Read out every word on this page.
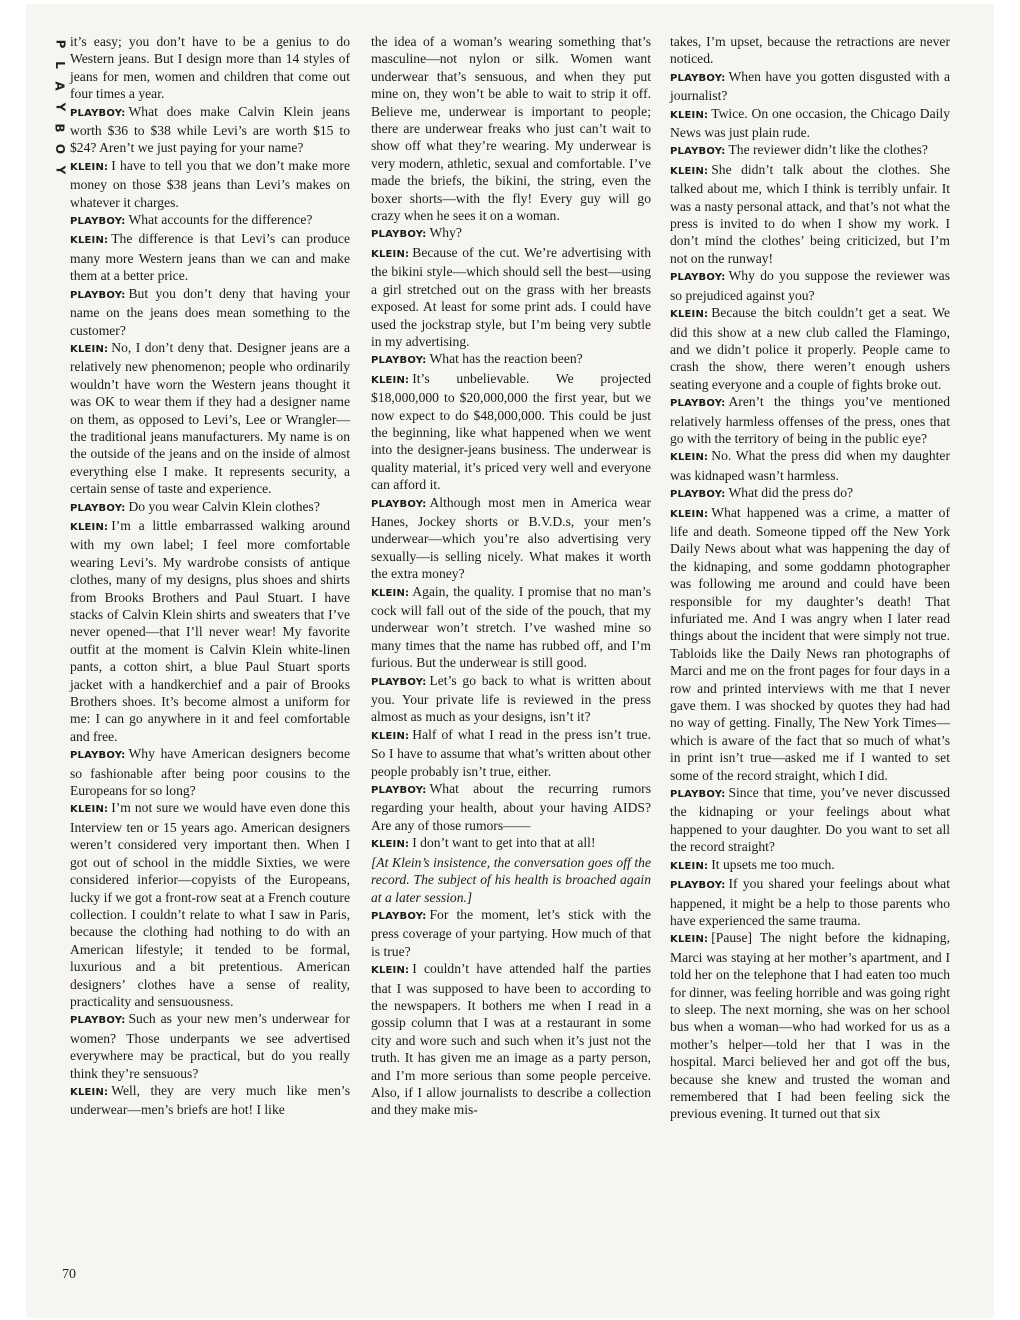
P
L
A
Y
B
O
Y
70

it’s easy; you don’t have to be a genius to do Western jeans. But I design more than 14 styles of jeans for men, women and children that come out four times a year.

PLAYBOY: What does make Calvin Klein jeans worth $36 to $38 while Levi’s are worth $15 to $24? Aren’t we just paying for your name?

KLEIN: I have to tell you that we don’t make more money on those $38 jeans than Levi’s makes on whatever it charges.

PLAYBOY: What accounts for the difference?

KLEIN: The difference is that Levi’s can produce many more Western jeans than we can and make them at a better price.

PLAYBOY: But you don’t deny that having your name on the jeans does mean something to the customer?

KLEIN: No, I don’t deny that. Designer jeans are a relatively new phenomenon; people who ordinarily wouldn’t have worn the Western jeans thought it was OK to wear them if they had a designer name on them, as opposed to Levi’s, Lee or Wrangler—the traditional jeans manufacturers. My name is on the outside of the jeans and on the inside of almost everything else I make. It represents security, a certain sense of taste and experience.

PLAYBOY: Do you wear Calvin Klein clothes?

KLEIN: I’m a little embarrassed walking around with my own label; I feel more comfortable wearing Levi’s. My wardrobe consists of antique clothes, many of my designs, plus shoes and shirts from Brooks Brothers and Paul Stuart. I have stacks of Calvin Klein shirts and sweaters that I’ve never opened—that I’ll never wear! My favorite outfit at the moment is Calvin Klein white-linen pants, a cotton shirt, a blue Paul Stuart sports jacket with a handkerchief and a pair of Brooks Brothers shoes. It’s become almost a uniform for me: I can go anywhere in it and feel comfortable and free.

PLAYBOY: Why have American designers become so fashionable after being poor cousins to the Europeans for so long?

KLEIN: I’m not sure we would have even done this Interview ten or 15 years ago. American designers weren’t considered very important then. When I got out of school in the middle Sixties, we were considered inferior—copyists of the Europeans, lucky if we got a front-row seat at a French couture collection. I couldn’t relate to what I saw in Paris, because the clothing had nothing to do with an American lifestyle; it tended to be formal, luxurious and a bit pretentious. American designers’ clothes have a sense of reality, practicality and sensuousness.

PLAYBOY: Such as your new men’s underwear for women? Those underpants we see advertised everywhere may be practical, but do you really think they’re sensuous?

KLEIN: Well, they are very much like men’s underwear—men’s briefs are hot! I like

the idea of a woman’s wearing something that’s masculine—not nylon or silk. Women want underwear that’s sensuous, and when they put mine on, they won’t be able to wait to strip it off. Believe me, underwear is important to people; there are underwear freaks who just can’t wait to show off what they’re wearing. My underwear is very modern, athletic, sexual and comfortable. I’ve made the briefs, the bikini, the string, even the boxer shorts—with the fly! Every guy will go crazy when he sees it on a woman.

PLAYBOY: Why?

KLEIN: Because of the cut. We’re advertising with the bikini style—which should sell the best—using a girl stretched out on the grass with her breasts exposed. At least for some print ads. I could have used the jockstrap style, but I’m being very subtle in my advertising.

PLAYBOY: What has the reaction been?

KLEIN: It’s unbelievable. We projected $18,000,000 to $20,000,000 the first year, but we now expect to do $48,000,000. This could be just the beginning, like what happened when we went into the designer-jeans business. The underwear is quality material, it’s priced very well and everyone can afford it.

PLAYBOY: Although most men in America wear Hanes, Jockey shorts or B.V.D.s, your men’s underwear—which you’re also advertising very sexually—is selling nicely. What makes it worth the extra money?

KLEIN: Again, the quality. I promise that no man’s cock will fall out of the side of the pouch, that my underwear won’t stretch. I’ve washed mine so many times that the name has rubbed off, and I’m furious. But the underwear is still good.

PLAYBOY: Let’s go back to what is written about you. Your private life is reviewed in the press almost as much as your designs, isn’t it?

KLEIN: Half of what I read in the press isn’t true. So I have to assume that what’s written about other people probably isn’t true, either.

PLAYBOY: What about the recurring rumors regarding your health, about your having AIDS? Are any of those rumors——

KLEIN: I don’t want to get into that at all!

[At Klein’s insistence, the conversation goes off the record. The subject of his health is broached again at a later session.]

PLAYBOY: For the moment, let’s stick with the press coverage of your partying. How much of that is true?

KLEIN: I couldn’t have attended half the parties that I was supposed to have been to according to the newspapers. It bothers me when I read in a gossip column that I was at a restaurant in some city and wore such and such when it’s just not the truth. It has given me an image as a party person, and I’m more serious than some people perceive. Also, if I allow journalists to describe a collection and they make mis-

takes, I’m upset, because the retractions are never noticed.

PLAYBOY: When have you gotten disgusted with a journalist?

KLEIN: Twice. On one occasion, the Chicago Daily News was just plain rude.

PLAYBOY: The reviewer didn’t like the clothes?

KLEIN: She didn’t talk about the clothes. She talked about me, which I think is terribly unfair. It was a nasty personal attack, and that’s not what the press is invited to do when I show my work. I don’t mind the clothes’ being criticized, but I’m not on the runway!

PLAYBOY: Why do you suppose the reviewer was so prejudiced against you?

KLEIN: Because the bitch couldn’t get a seat. We did this show at a new club called the Flamingo, and we didn’t police it properly. People came to crash the show, there weren’t enough ushers seating everyone and a couple of fights broke out.

PLAYBOY: Aren’t the things you’ve mentioned relatively harmless offenses of the press, ones that go with the territory of being in the public eye?

KLEIN: No. What the press did when my daughter was kidnaped wasn’t harmless.

PLAYBOY: What did the press do?

KLEIN: What happened was a crime, a matter of life and death. Someone tipped off the New York Daily News about what was happening the day of the kidnaping, and some goddamn photographer was following me around and could have been responsible for my daughter’s death! That infuriated me. And I was angry when I later read things about the incident that were simply not true. Tabloids like the Daily News ran photographs of Marci and me on the front pages for four days in a row and printed interviews with me that I never gave them. I was shocked by quotes they had had no way of getting. Finally, The New York Times—which is aware of the fact that so much of what’s in print isn’t true—asked me if I wanted to set some of the record straight, which I did.

PLAYBOY: Since that time, you’ve never discussed the kidnaping or your feelings about what happened to your daughter. Do you want to set all the record straight?

KLEIN: It upsets me too much.

PLAYBOY: If you shared your feelings about what happened, it might be a help to those parents who have experienced the same trauma.

KLEIN: [Pause] The night before the kidnaping, Marci was staying at her mother’s apartment, and I told her on the telephone that I had eaten too much for dinner, was feeling horrible and was going right to sleep. The next morning, she was on her school bus when a woman—who had worked for us as a mother’s helper—told her that I was in the hospital. Marci believed her and got off the bus, because she knew and trusted the woman and remembered that I had been feeling sick the previous evening. It turned out that six
